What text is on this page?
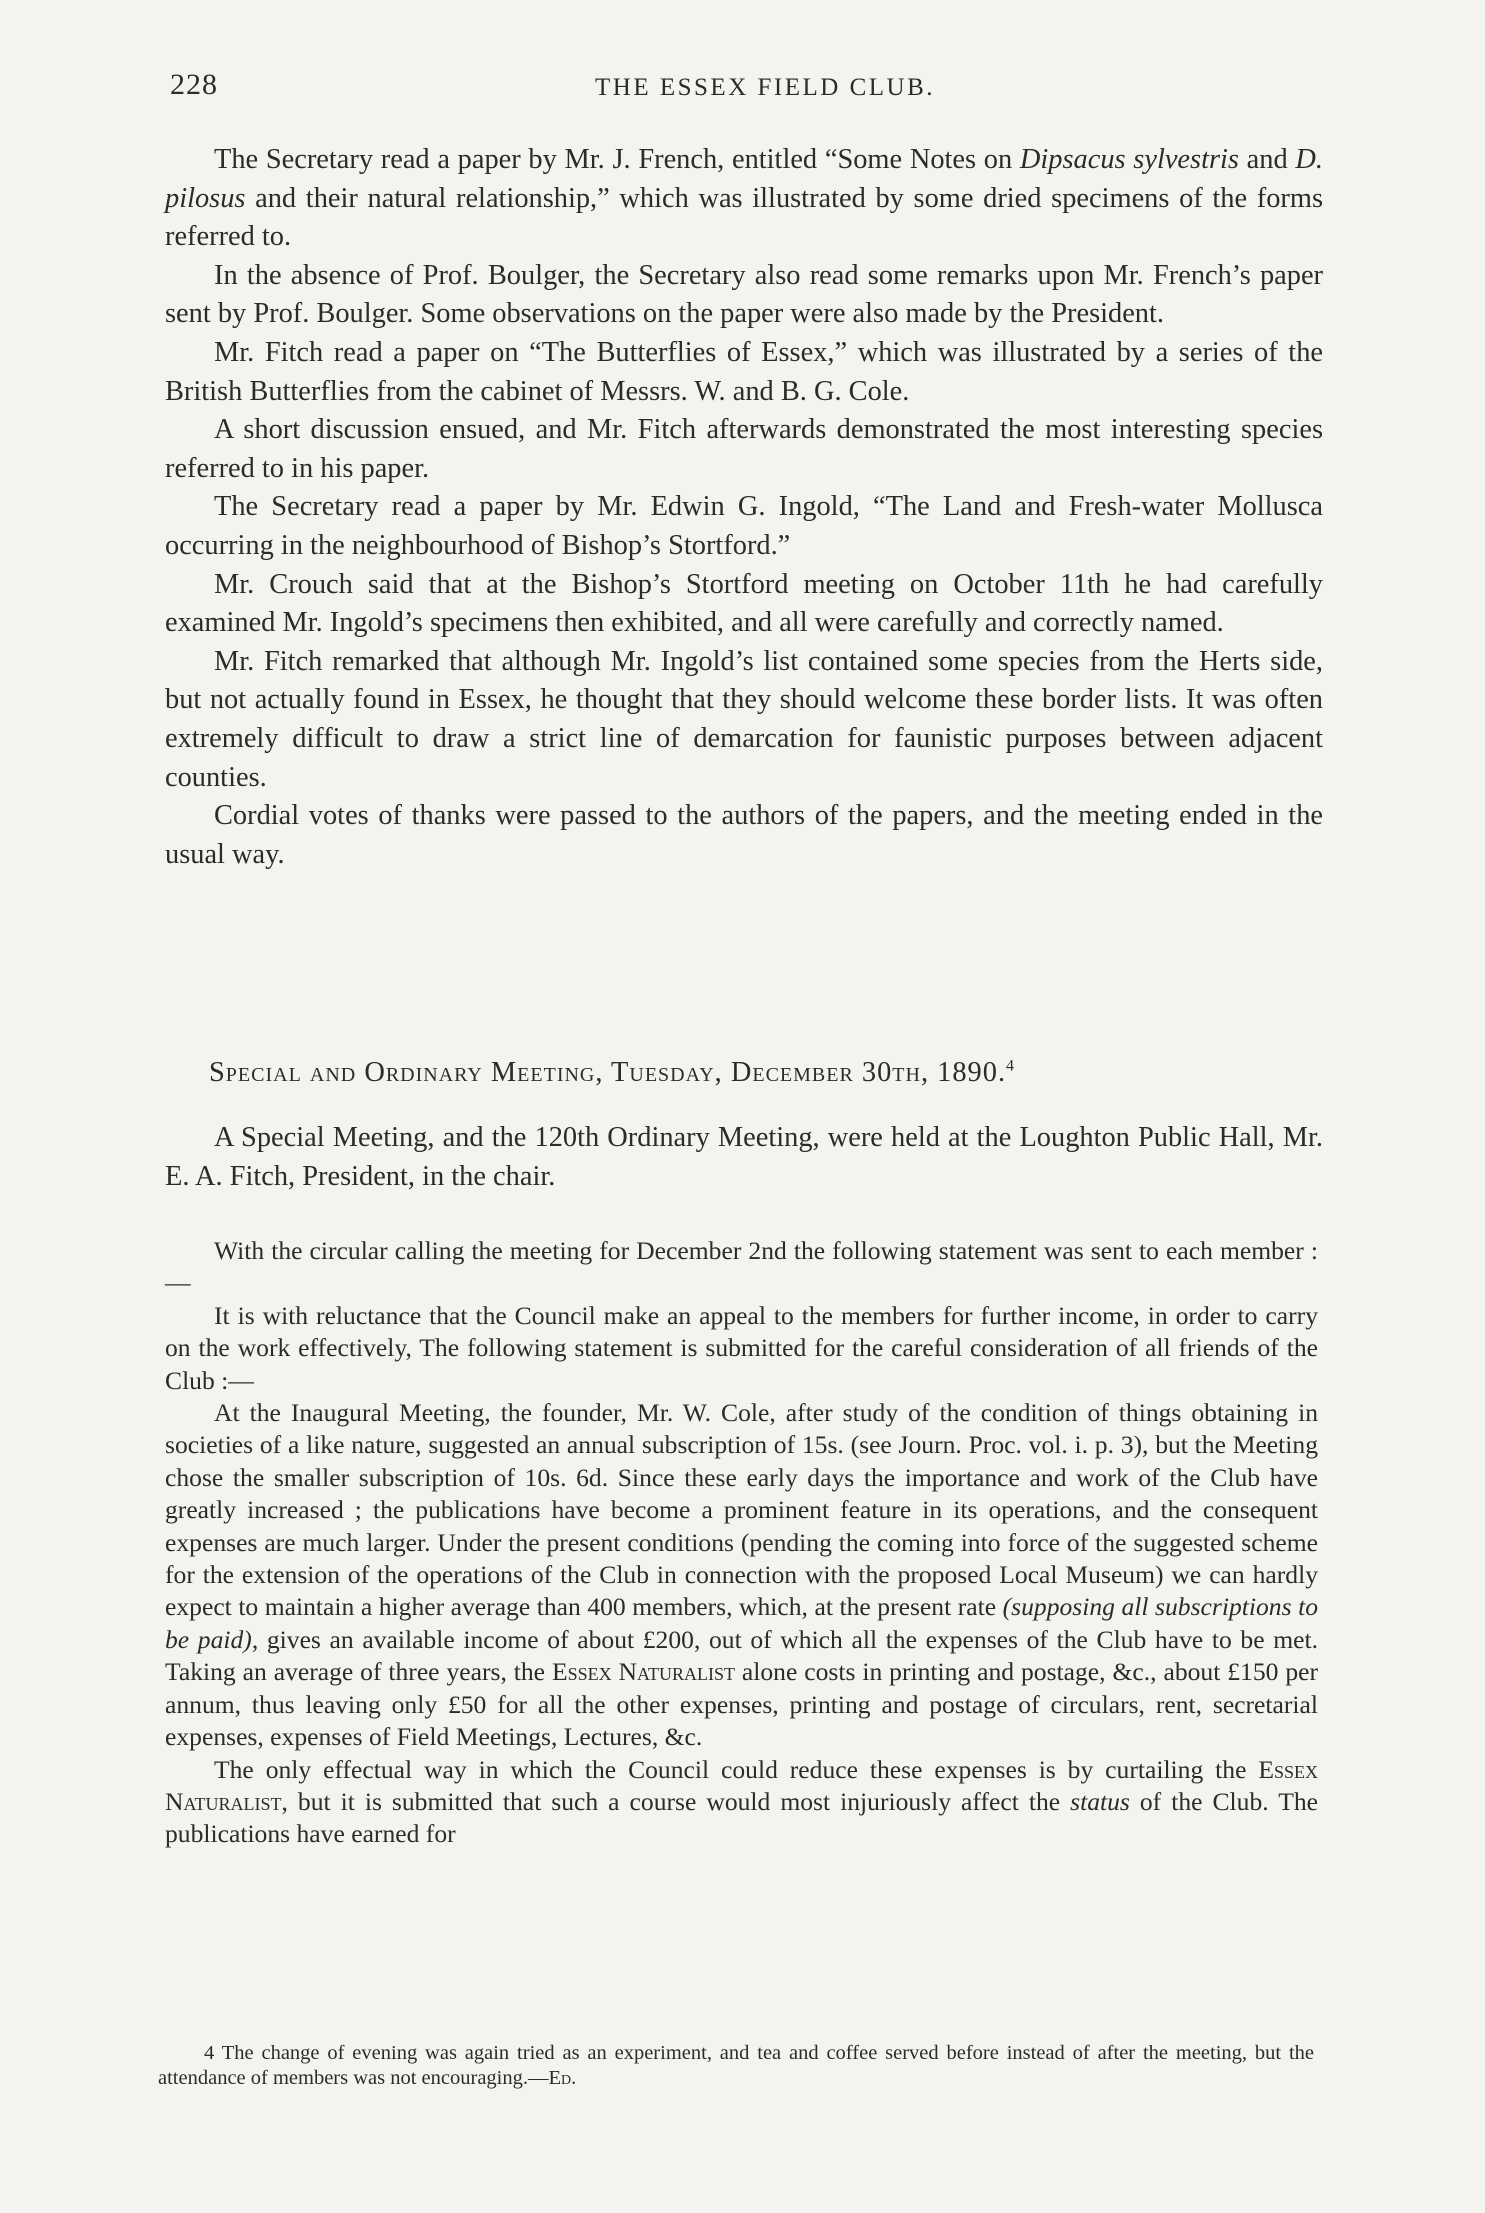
228	THE ESSEX FIELD CLUB.

The Secretary read a paper by Mr. J. French, entitled “Some Notes on Dipsacus sylvestris and D. pilosus and their natural relationship,” which was illustrated by some dried specimens of the forms referred to.

In the absence of Prof. Boulger, the Secretary also read some remarks upon Mr. French’s paper sent by Prof. Boulger. Some observations on the paper were also made by the President.

Mr. Fitch read a paper on “The Butterflies of Essex,” which was illustrated by a series of the British Butterflies from the cabinet of Messrs. W. and B. G. Cole.

A short discussion ensued, and Mr. Fitch afterwards demonstrated the most interesting species referred to in his paper.

The Secretary read a paper by Mr. Edwin G. Ingold, “The Land and Fresh-water Mollusca occurring in the neighbourhood of Bishop’s Stortford.”

Mr. Crouch said that at the Bishop’s Stortford meeting on October 11th he had carefully examined Mr. Ingold’s specimens then exhibited, and all were carefully and correctly named.

Mr. Fitch remarked that although Mr. Ingold’s list contained some species from the Herts side, but not actually found in Essex, he thought that they should welcome these border lists. It was often extremely difficult to draw a strict line of demarcation for faunistic purposes between adjacent counties.

Cordial votes of thanks were passed to the authors of the papers, and the meeting ended in the usual way.

Special and Ordinary Meeting, Tuesday, December 30th, 1890.$^4$

A Special Meeting, and the 120th Ordinary Meeting, were held at the Loughton Public Hall, Mr. E. A. Fitch, President, in the chair.

With the circular calling the meeting for December 2nd the following statement was sent to each member :—

It is with reluctance that the Council make an appeal to the members for further income, in order to carry on the work effectively, The following statement is submitted for the careful consideration of all friends of the Club :—

At the Inaugural Meeting, the founder, Mr. W. Cole, after study of the condition of things obtaining in societies of a like nature, suggested an annual subscription of 15s. (see Journ. Proc. vol. i. p. 3), but the Meeting chose the smaller subscription of 10s. 6d. Since these early days the importance and work of the Club have greatly increased ; the publications have become a prominent feature in its operations, and the consequent expenses are much larger. Under the present conditions (pending the coming into force of the suggested scheme for the extension of the operations of the Club in connection with the proposed Local Museum) we can hardly expect to maintain a higher average than 400 members, which, at the present rate (supposing all subscriptions to be paid), gives an available income of about £200, out of which all the expenses of the Club have to be met. Taking an average of three years, the Essex Naturalist alone costs in printing and postage, &c., about £150 per annum, thus leaving only £50 for all the other expenses, printing and postage of circulars, rent, secretarial expenses, expenses of Field Meetings, Lectures, &c.

The only effectual way in which the Council could reduce these expenses is by curtailing the Essex Naturalist, but it is submitted that such a course would most injuriously affect the status of the Club. The publications have earned for

4 The change of evening was again tried as an experiment, and tea and coffee served before instead of after the meeting, but the attendance of members was not encouraging.—Ed.
